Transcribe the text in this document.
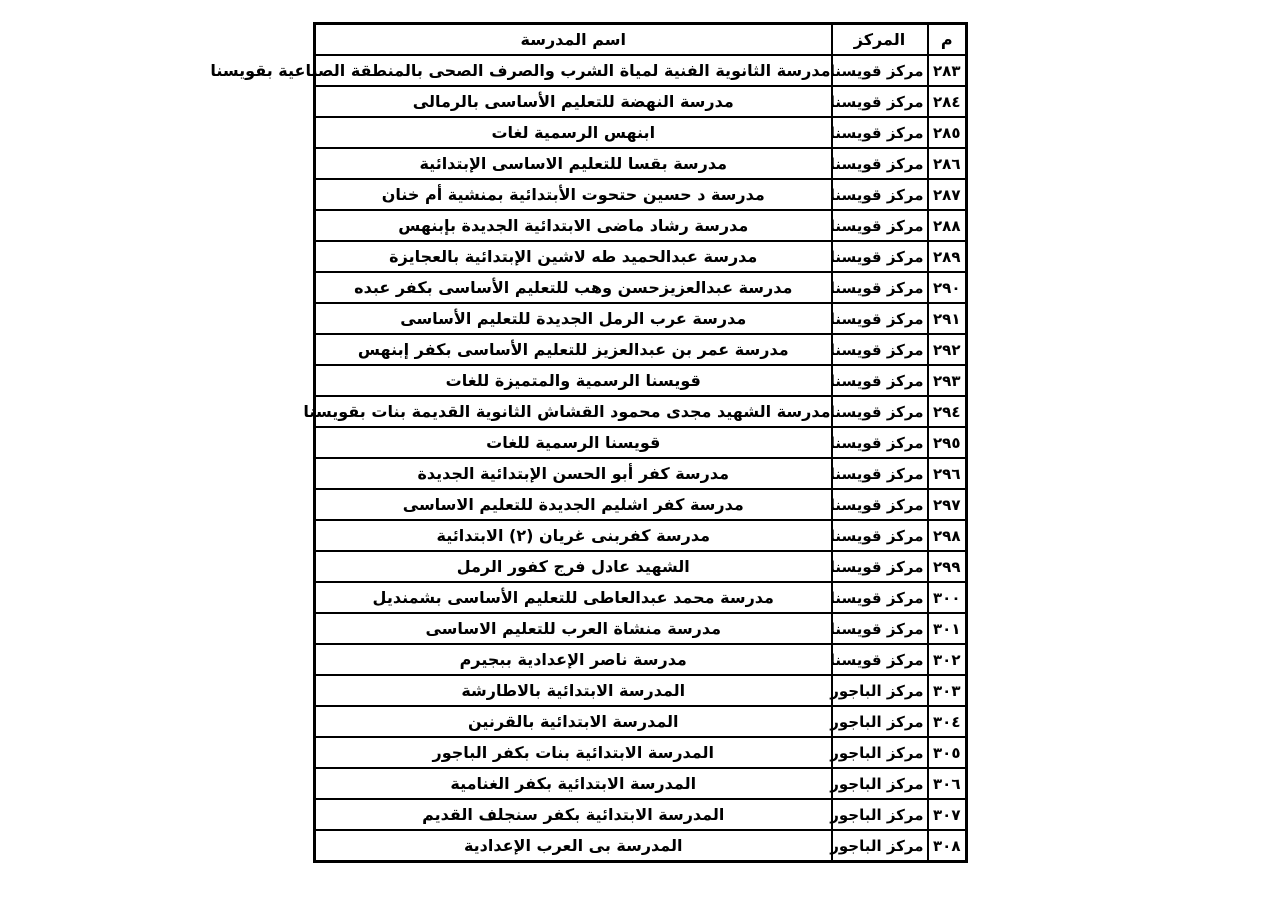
م	المركز	اسم المدرسة
٢٨٣	مركز قويسنا	مدرسة الثانوية الفنية لمياة الشرب والصرف الصحى بالمنطقة الصناعية بقويسنا
٢٨٤	مركز قويسنا	مدرسة النهضة للتعليم الأساسى بالرمالى
٢٨٥	مركز قويسنا	ابنهس الرسمية لغات
٢٨٦	مركز قويسنا	مدرسة بقسا للتعليم الاساسى الإبتدائية
٢٨٧	مركز قويسنا	مدرسة د حسين حتحوت الأبتدائية بمنشية أم خنان
٢٨٨	مركز قويسنا	مدرسة رشاد ماضى الابتدائية الجديدة بإبنهس
٢٨٩	مركز قويسنا	مدرسة عبدالحميد طه لاشين الإبتدائية بالعجايزة
٢٩٠	مركز قويسنا	مدرسة عبدالعزيزحسن وهب للتعليم الأساسى بكفر عبده
٢٩١	مركز قويسنا	مدرسة عرب الرمل الجديدة للتعليم الأساسى
٢٩٢	مركز قويسنا	مدرسة عمر بن عبدالعزيز للتعليم الأساسى بكفر إبنهس
٢٩٣	مركز قويسنا	قويسنا الرسمية والمتميزة للغات
٢٩٤	مركز قويسنا	مدرسة الشهيد مجدى محمود القشاش الثانوية القديمة بنات بقويسنا
٢٩٥	مركز قويسنا	قويسنا الرسمية للغات
٢٩٦	مركز قويسنا	مدرسة كفر أبو الحسن الإبتدائية الجديدة
٢٩٧	مركز قويسنا	مدرسة كفر اشليم الجديدة للتعليم الاساسى
٢٩٨	مركز قويسنا	مدرسة كفربنى غريان (٢) الابتدائية
٢٩٩	مركز قويسنا	الشهيد عادل فرج كفور الرمل
٣٠٠	مركز قويسنا	مدرسة محمد عبدالعاطى للتعليم الأساسى بشمنديل
٣٠١	مركز قويسنا	مدرسة منشاة العرب للتعليم الاساسى
٣٠٢	مركز قويسنا	مدرسة ناصر الإعدادية ببجيرم
٣٠٣	مركز الباجور	المدرسة الابتدائية بالاطارشة
٣٠٤	مركز الباجور	المدرسة الابتدائية بالقرنين
٣٠٥	مركز الباجور	المدرسة الابتدائية بنات بكفر الباجور
٣٠٦	مركز الباجور	المدرسة الابتدائية بكفر الغنامية
٣٠٧	مركز الباجور	المدرسة الابتدائية بكفر سنجلف القديم
٣٠٨	مركز الباجور	المدرسة بى العرب الإعدادية
